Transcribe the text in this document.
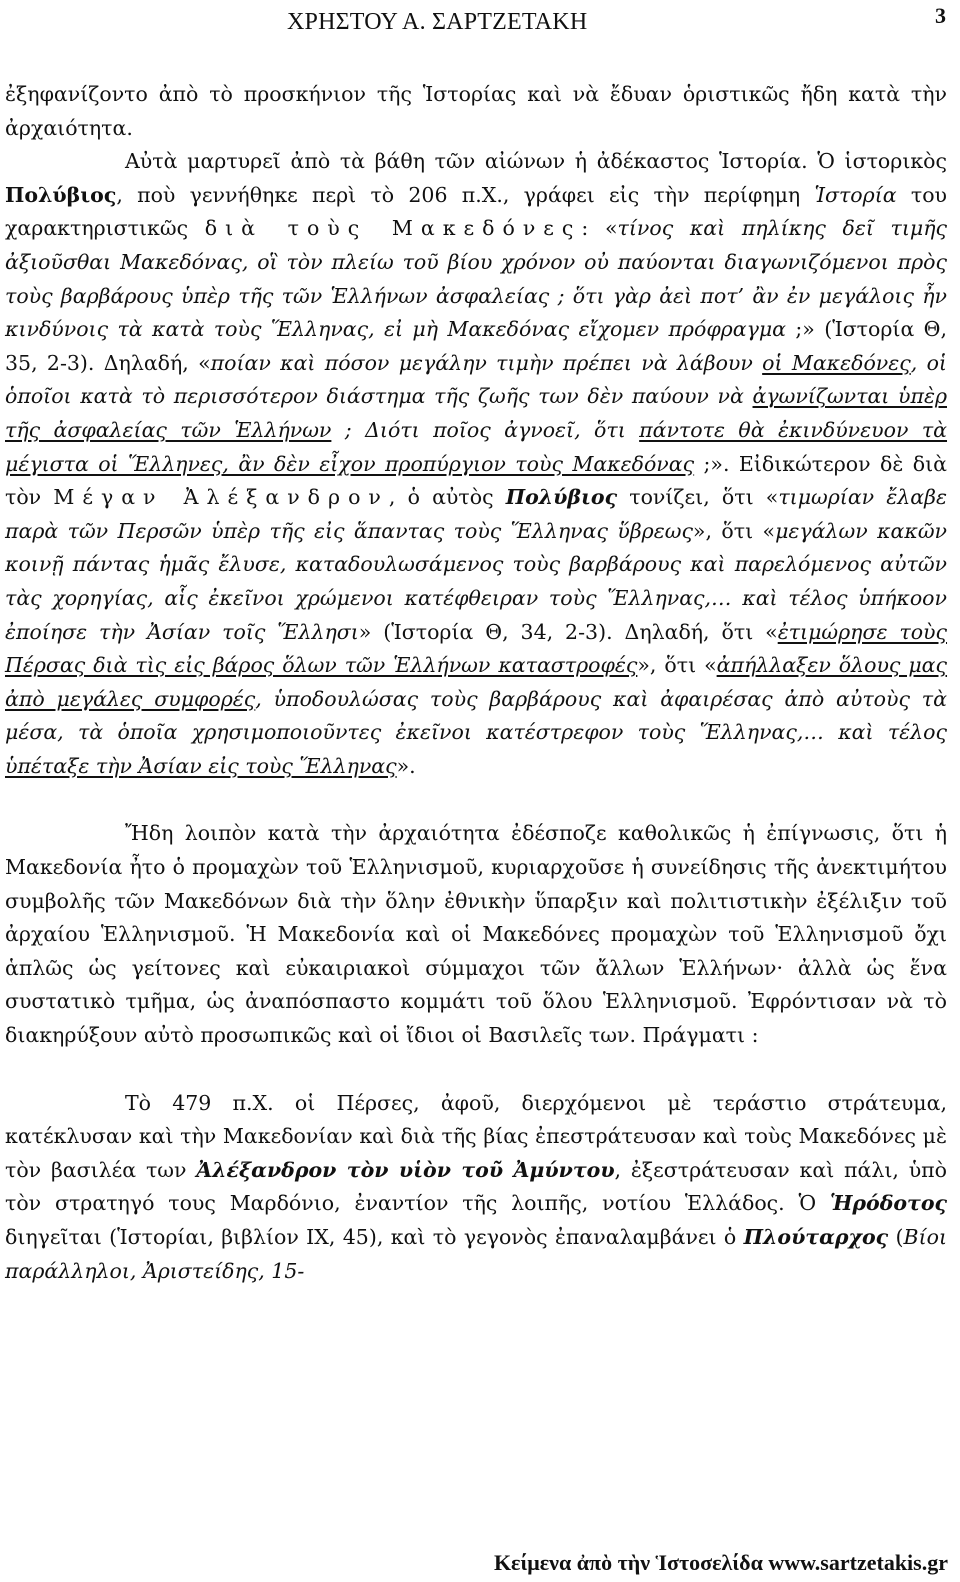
ΧΡΗΣΤΟΥ Α. ΣΑΡΤΖΕΤΑΚΗ	3

ἐξηφανίζοντο ἀπὸ τὸ προσκήνιον τῆς Ἱστορίας καὶ νὰ ἔδυαν ὁριστικῶς ἤδη κατὰ τὴν ἀρχαιότητα.

Αὐτὰ μαρτυρεῖ ἀπὸ τὰ βάθη τῶν αἰώνων ἡ ἀδέκαστος Ἱστορία. Ὁ ἱστορικὸς Πολύβιος, ποὺ γεννήθηκε περὶ τὸ 206 π.Χ., γράφει εἰς τὴν περίφημη Ἱστορία του χαρακτηριστικῶς διὰ τοὺς Μακεδόνες: «τίνος καὶ πηλίκης δεῖ τιμῆς ἀξιοῦσθαι Μακεδόνας, οἳ τὸν πλείω τοῦ βίου χρόνον οὐ παύονται διαγωνιζόμενοι πρὸς τοὺς βαρβάρους ὑπὲρ τῆς τῶν Ἑλλήνων ἀσφαλείας ; ὅτι γὰρ ἀεὶ ποτ’ ἂν ἐν μεγάλοις ἦν κινδύνοις τὰ κατὰ τοὺς Ἕλληνας, εἰ μὴ Μακεδόνας εἴχομεν πρόφραγμα ;» (Ἱστορία Θ, 35, 2-3). Δηλαδή, «ποίαν καὶ πόσον μεγάλην τιμὴν πρέπει νὰ λάβουν οἱ Μακεδόνες, οἱ ὁποῖοι κατὰ τὸ περισσότερον διάστημα τῆς ζωῆς των δὲν παύουν νὰ ἀγωνίζωνται ὑπὲρ τῆς ἀσφαλείας τῶν Ἑλλήνων ; Διότι ποῖος ἀγνοεῖ, ὅτι πάντοτε θὰ ἐκινδύνευον τὰ μέγιστα οἱ Ἕλληνες, ἂν δὲν εἶχον προπύργιον τοὺς Μακεδόνας ;». Εἰδικώτερον δὲ διὰ τὸν Μέγαν Ἀλέξανδρον, ὁ αὐτὸς Πολύβιος τονίζει, ὅτι «τιμωρίαν ἔλαβε παρὰ τῶν Περσῶν ὑπὲρ τῆς εἰς ἅπαντας τοὺς Ἕλληνας ὕβρεως», ὅτι «μεγάλων κακῶν κοινῇ πάντας ἡμᾶς ἔλυσε, καταδουλωσάμενος τοὺς βαρβάρους καὶ παρελόμενος αὐτῶν τὰς χορηγίας, αἷς ἐκεῖνοι χρώμενοι κατέφθειραν τοὺς Ἕλληνας,… καὶ τέλος ὑπήκοον ἐποίησε τὴν Ἀσίαν τοῖς Ἕλλησι» (Ἱστορία Θ, 34, 2-3). Δηλαδή, ὅτι «ἐτιμώρησε τοὺς Πέρσας διὰ τὶς εἰς βάρος ὅλων τῶν Ἑλλήνων καταστροφές», ὅτι «ἀπήλλαξεν ὅλους μας ἀπὸ μεγάλες συμφορές, ὑποδουλώσας τοὺς βαρβάρους καὶ ἀφαιρέσας ἀπὸ αὐτοὺς τὰ μέσα, τὰ ὁποῖα χρησιμοποιοῦντες ἐκεῖνοι κατέστρεφον τοὺς Ἕλληνας,… καὶ τέλος ὑπέταξε τὴν Ἀσίαν εἰς τοὺς Ἕλληνας».

Ἤδη λοιπὸν κατὰ τὴν ἀρχαιότητα ἐδέσποζε καθολικῶς ἡ ἐπίγνωσις, ὅτι ἡ Μακεδονία ἦτο ὁ προμαχὼν τοῦ Ἑλληνισμοῦ, κυριαρχοῦσε ἡ συνείδησις τῆς ἀνεκτιμήτου συμβολῆς τῶν Μακεδόνων διὰ τὴν ὅλην ἐθνικὴν ὕπαρξιν καὶ πολιτιστικὴν ἐξέλιξιν τοῦ ἀρχαίου Ἑλληνισμοῦ. Ἡ Μακεδονία καὶ οἱ Μακεδόνες προμαχὼν τοῦ Ἑλληνισμοῦ ὄχι ἁπλῶς ὡς γείτονες καὶ εὐκαιριακοὶ σύμμαχοι τῶν ἄλλων Ἑλλήνων· ἀλλὰ ὡς ἕνα συστατικὸ τμῆμα, ὡς ἀναπόσπαστο κομμάτι τοῦ ὅλου Ἑλληνισμοῦ. Ἐφρόντισαν νὰ τὸ διακηρύξουν αὐτὸ προσωπικῶς καὶ οἱ ἴδιοι οἱ Βασιλεῖς των. Πράγματι :

Τὸ 479 π.Χ. οἱ Πέρσες, ἀφοῦ, διερχόμενοι μὲ τεράστιο στράτευμα, κατέκλυσαν καὶ τὴν Μακεδονίαν καὶ διὰ τῆς βίας ἐπεστράτευσαν καὶ τοὺς Μακεδόνες μὲ τὸν βασιλέα των Ἀλέξανδρον τὸν υἱὸν τοῦ Ἀμύντου, ἐξεστράτευσαν καὶ πάλι, ὑπὸ τὸν στρατηγό τους Μαρδόνιο, ἐναντίον τῆς λοιπῆς, νοτίου Ἑλλάδος. Ὁ Ἡρόδοτος διηγεῖται (Ἱστορίαι, βιβλίον ΙΧ, 45), καὶ τὸ γεγονὸς ἐπαναλαμβάνει ὁ Πλούταρχος (Βίοι παράλληλοι, Ἀριστείδης, 15-

Κείμενα ἀπὸ τὴν Ἱστοσελίδα www.sartzetakis.gr
